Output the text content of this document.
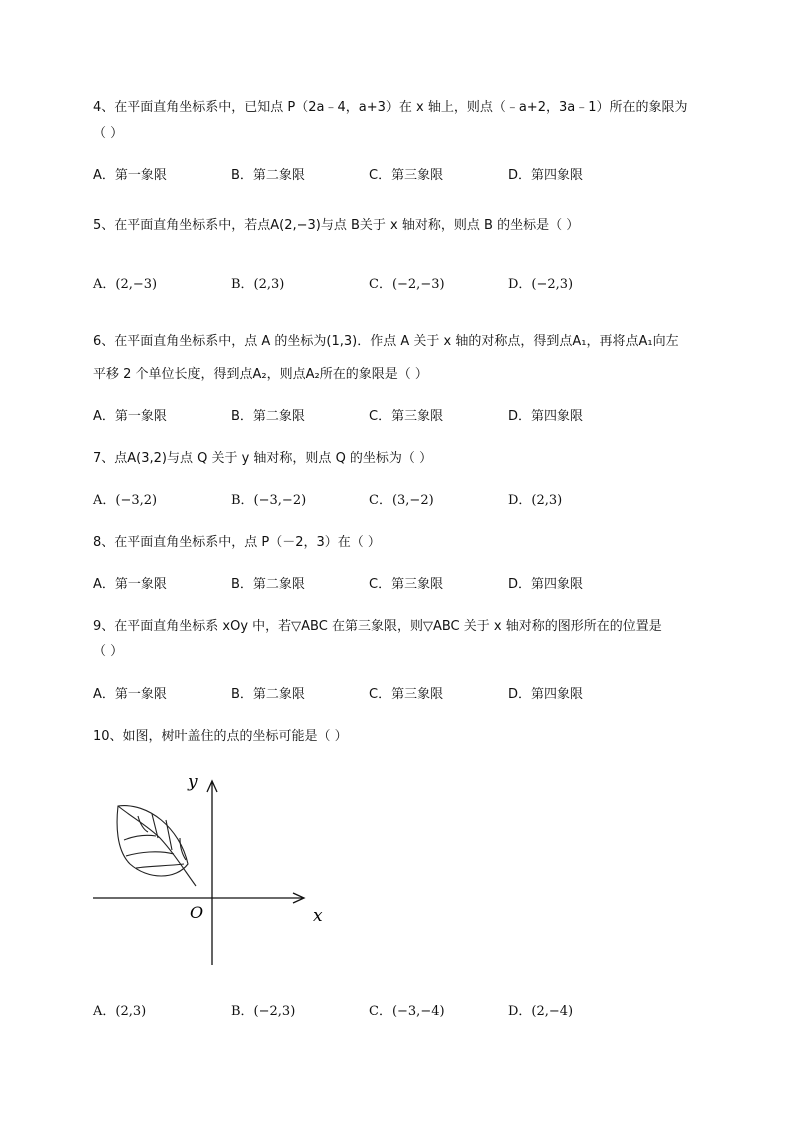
4、在平面直角坐标系中，已知点 P（2a﹣4，a+3）在 x 轴上，则点（﹣a+2，3a﹣1）所在的象限为
（ ）
A．第一象限	B．第二象限	C．第三象限	D．第四象限
5、在平面直角坐标系中，若点A(2,−3)与点 B关于 x 轴对称，则点 B 的坐标是（ ）
A．(2,−3)	B．(2,3)	C．(−2,−3)	D．(−2,3)
6、在平面直角坐标系中，点 A 的坐标为(1,3)．作点 A 关于 x 轴的对称点，得到点A₁，再将点A₁向左
平移 2 个单位长度，得到点A₂，则点A₂所在的象限是（ ）
A．第一象限	B．第二象限	C．第三象限	D．第四象限
7、点A(3,2)与点 Q 关于 y 轴对称，则点 Q 的坐标为（ ）
A．(−3,2)	B．(−3,−2)	C．(3,−2)	D．(2,3)
8、在平面直角坐标系中，点 P（－2，3）在（ ）
A．第一象限	B．第二象限	C．第三象限	D．第四象限
9、在平面直角坐标系 xOy 中，若▽ABC 在第三象限，则▽ABC 关于 x 轴对称的图形所在的位置是
（ ）
A．第一象限	B．第二象限	C．第三象限	D．第四象限
10、如图，树叶盖住的点的坐标可能是（ ）
y
x
O
A．(2,3)	B．(−2,3)	C．(−3,−4)	D．(2,−4)
